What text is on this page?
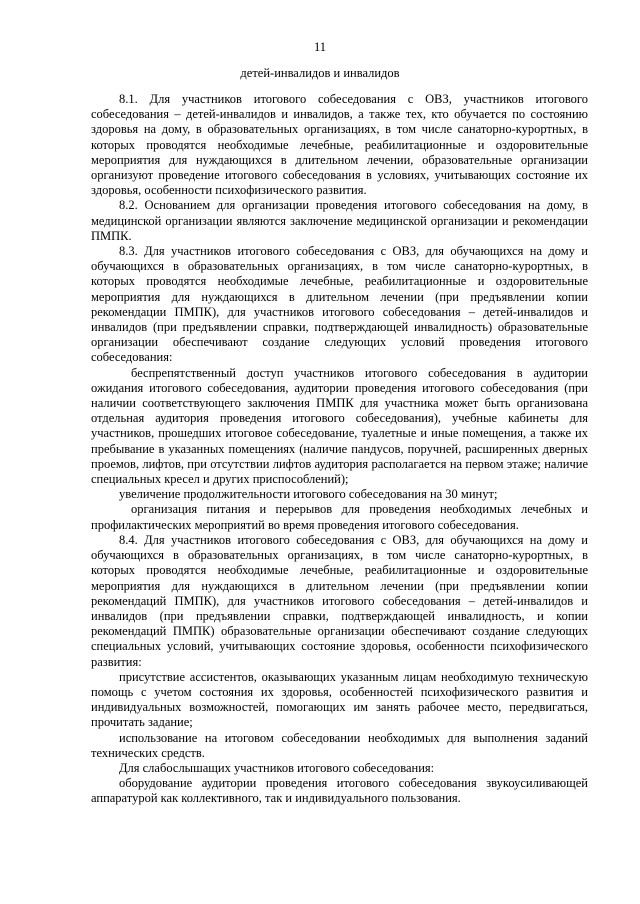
11
детей-инвалидов и инвалидов

8.1. Для участников итогового собеседования с ОВЗ, участников итогового собеседования – детей-инвалидов и инвалидов, а также тех, кто обучается по состоянию здоровья на дому, в образовательных организациях, в том числе санаторно-курортных, в которых проводятся необходимые лечебные, реабилитационные и оздоровительные мероприятия для нуждающихся в длительном лечении, образовательные организации организуют проведение итогового собеседования в условиях, учитывающих состояние их здоровья, особенности психофизического развития.

8.2. Основанием для организации проведения итогового собеседования на дому, в медицинской организации являются заключение медицинской организации и рекомендации ПМПК.

8.3. Для участников итогового собеседования с ОВЗ, для обучающихся на дому и обучающихся в образовательных организациях, в том числе санаторно-курортных, в которых проводятся необходимые лечебные, реабилитационные и оздоровительные мероприятия для нуждающихся в длительном лечении (при предъявлении копии рекомендации ПМПК), для участников итогового собеседования – детей-инвалидов и инвалидов (при предъявлении справки, подтверждающей инвалидность) образовательные организации обеспечивают создание следующих условий проведения итогового собеседования:

беспрепятственный доступ участников итогового собеседования в аудитории ожидания итогового собеседования, аудитории проведения итогового собеседования (при наличии соответствующего заключения ПМПК для участника может быть организована отдельная аудитория проведения итогового собеседования), учебные кабинеты для участников, прошедших итоговое собеседование, туалетные и иные помещения, а также их пребывание в указанных помещениях (наличие пандусов, поручней, расширенных дверных проемов, лифтов, при отсутствии лифтов аудитория располагается на первом этаже; наличие специальных кресел и других приспособлений);

увеличение продолжительности итогового собеседования на 30 минут;

организация питания и перерывов для проведения необходимых лечебных и профилактических мероприятий во время проведения итогового собеседования.

8.4. Для участников итогового собеседования с ОВЗ, для обучающихся на дому и обучающихся в образовательных организациях, в том числе санаторно-курортных, в которых проводятся необходимые лечебные, реабилитационные и оздоровительные мероприятия для нуждающихся в длительном лечении (при предъявлении копии рекомендаций ПМПК), для участников итогового собеседования – детей-инвалидов и инвалидов (при предъявлении справки, подтверждающей инвалидность, и копии рекомендаций ПМПК) образовательные организации обеспечивают создание следующих специальных условий, учитывающих состояние здоровья, особенности психофизического развития:

присутствие ассистентов, оказывающих указанным лицам необходимую техническую помощь с учетом состояния их здоровья, особенностей психофизического развития и индивидуальных возможностей, помогающих им занять рабочее место, передвигаться, прочитать задание;

использование на итоговом собеседовании необходимых для выполнения заданий технических средств.

Для слабослышащих участников итогового собеседования:

оборудование аудитории проведения итогового собеседования звукоусиливающей аппаратурой как коллективного, так и индивидуального пользования.
